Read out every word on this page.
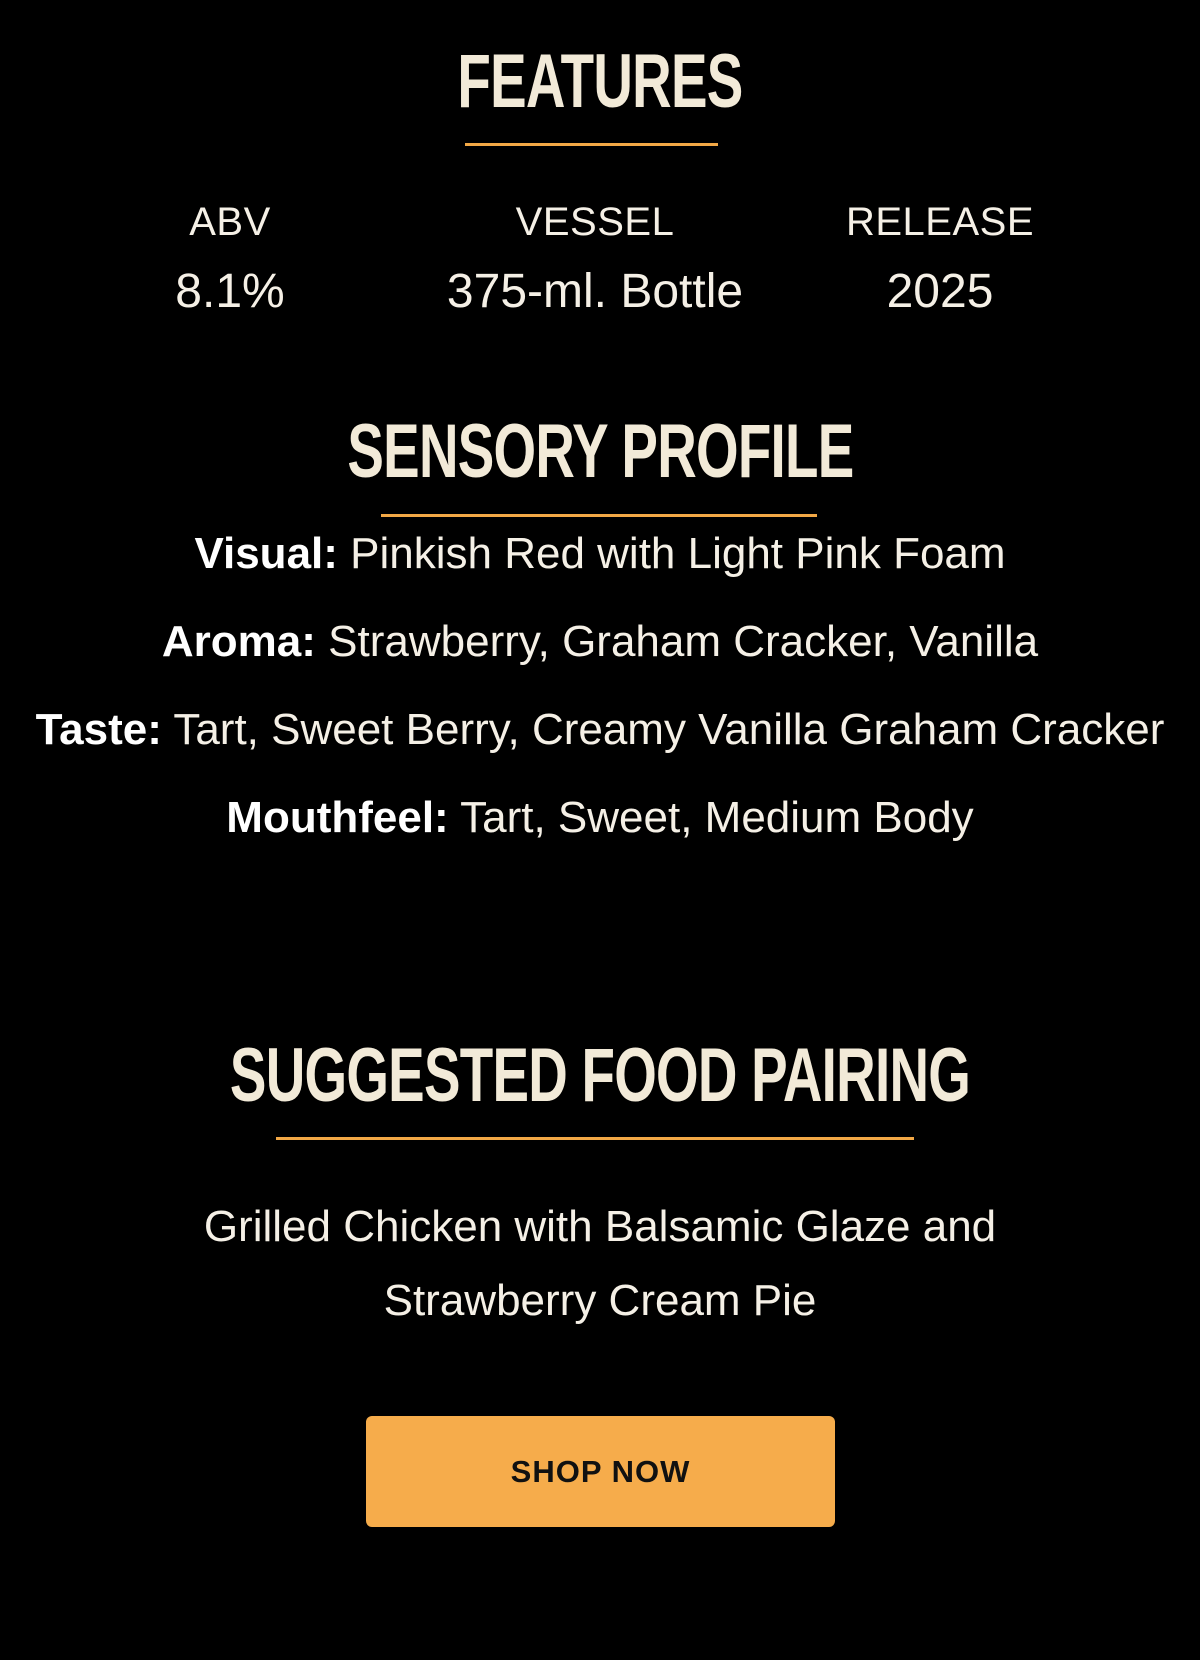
FEATURES
ABV
8.1%
VESSEL
375-ml. Bottle
RELEASE
2025
SENSORY PROFILE
Visual: Pinkish Red with Light Pink Foam
Aroma: Strawberry, Graham Cracker, Vanilla
Taste: Tart, Sweet Berry, Creamy Vanilla Graham Cracker
Mouthfeel: Tart, Sweet, Medium Body
SUGGESTED FOOD PAIRING
Grilled Chicken with Balsamic Glaze and
Strawberry Cream Pie
SHOP NOW
